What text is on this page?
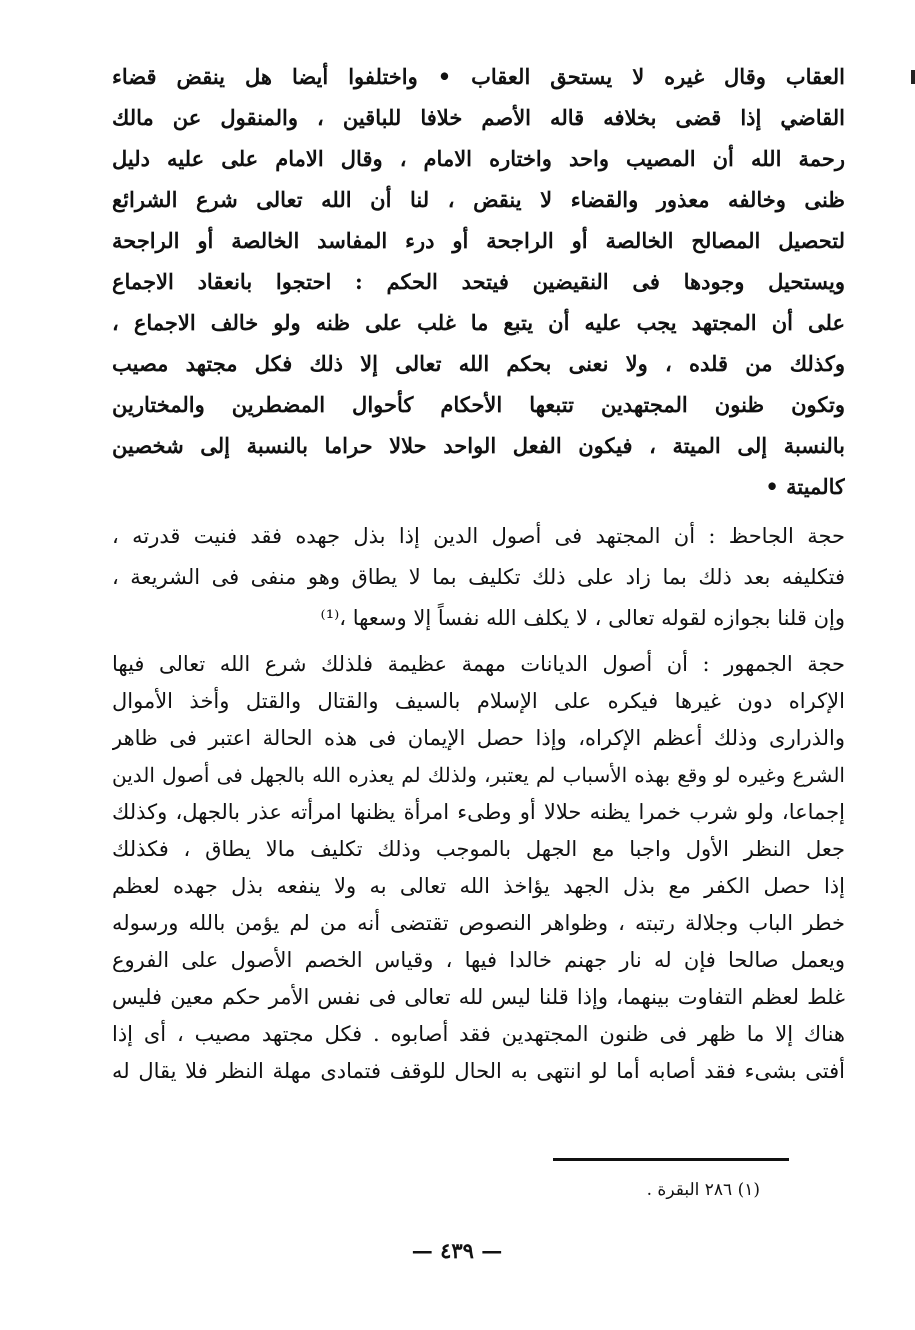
العقاب وقال غيره لا يستحق العقاب • واختلفوا أيضا هل ينقض قضاء
القاضي إذا قضى بخلافه قاله الأصم خلافا للباقين ، والمنقول عن مالك
رحمة الله أن المصيب واحد واختاره الامام ، وقال الامام على عليه دليل
ظنى وخالفه معذور والقضاء لا ينقض ، لنا أن الله تعالى شرع الشرائع
لتحصيل المصالح الخالصة أو الراجحة أو درء المفاسد الخالصة أو الراجحة
ويستحيل وجودها فى النقيضين فيتحد الحكم : احتجوا بانعقاد الاجماع
على أن المجتهد يجب عليه أن يتبع ما غلب على ظنه ولو خالف الاجماع ،
وكذلك من قلده ، ولا نعنى بحكم الله تعالى إلا ذلك فكل مجتهد مصيب
وتكون ظنون المجتهدين تتبعها الأحكام كأحوال المضطرين والمختارين
بالنسبة إلى الميتة ، فيكون الفعل الواحد حلالا حراما بالنسبة إلى شخصين
كالميتة •
حجة الجاحظ : أن المجتهد فى أصول الدين إذا بذل جهده فقد فنيت قدرته ،
فتكليفه بعد ذلك بما زاد على ذلك تكليف بما لا يطاق وهو منفى فى الشريعة ،
وإن قلنا بجوازه لقوله تعالى ، لا يكلف الله نفساً إلا وسعها ،⁽¹⁾
حجة الجمهور : أن أصول الديانات مهمة عظيمة فلذلك شرع الله تعالى فيها
الإكراه دون غيرها فيكره على الإسلام بالسيف والقتال والقتل وأخذ الأموال
والذرارى وذلك أعظم الإكراه، وإذا حصل الإيمان فى هذه الحالة اعتبر فى ظاهر
الشرع وغيره لو وقع بهذه الأسباب لم يعتبر، ولذلك لم يعذره الله بالجهل فى أصول الدين
إجماعا، ولو شرب خمرا يظنه حلالا أو وطىء امرأة يظنها امرأته عذر بالجهل، وكذلك
جعل النظر الأول واجبا مع الجهل بالموجب وذلك تكليف مالا يطاق ، فكذلك
إذا حصل الكفر مع بذل الجهد يؤاخذ الله تعالى به ولا ينفعه بذل جهده لعظم
خطر الباب وجلالة رتبته ، وظواهر النصوص تقتضى أنه من لم يؤمن بالله ورسوله
ويعمل صالحا فإن له نار جهنم خالدا فيها ، وقياس الخصم الأصول على الفروع
غلط لعظم التفاوت بينهما، وإذا قلنا ليس لله تعالى فى نفس الأمر حكم معين فليس
هناك إلا ما ظهر فى ظنون المجتهدين فقد أصابوه . فكل مجتهد مصيب ، أى إذا
أفتى بشىء فقد أصابه أما لو انتهى به الحال للوقف فتمادى مهلة النظر فلا يقال له
(١) ٢٨٦ البقرة .
— ٤٣٩ —
